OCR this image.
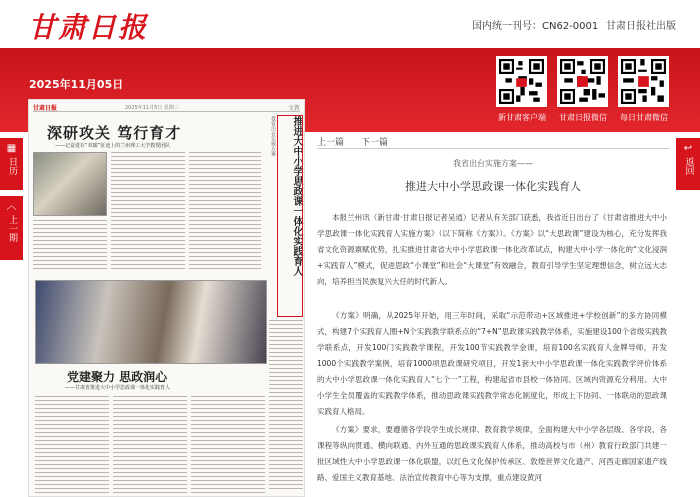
甘肃日报	国内统一刊号：CN62-0001 甘肃日报社出版
2025年11月05日
新甘肃客户端	甘肃日报微信	每日甘肃微信
▦
日历
︿
上一期
↩
返回
甘肃日报	2025年11月5日 星期三	文教
深研攻关 笃行育才
——记奋进在“双碳”征途上的兰州理工大学教授团队	我省出台实施方案	推进大中小学思政课一体化实践育人
党建聚力 思政润心
——甘肃省推进大中小学思政课一体化实践育人
上一篇 下一篇
我省出台实施方案——
推进大中小学思政课一体化实践育人

本报兰州讯（新甘肃·甘肃日报记者吴逍）记者从有关部门获悉，我省近日出台了《甘肃省推进大中小学思政课一体化实践育人实施方案》（以下简称《方案》）。《方案》以“大思政课”建设为核心，充分发挥我省文化资源禀赋优势，扎实推进甘肃省大中小学思政课一体化改革试点，构建大中小学一体化的“文化浸润+实践育人”模式，促进思政“小课堂”和社会“大课堂”有效融合，教育引导学生坚定理想信念，树立远大志向，培养担当民族复兴大任的时代新人。

《方案》明确，从2025年开始，用三年时间，采取“示范带动+区域推进+学校创新”的多方协同模式，构建7个实践育人圈+N个实践教学联系点的“7+N”思政课实践教学体系，实施建设100个省级实践教学联系点，开发100门实践教学课程，开发100节实践教学金课，培育100名实践育人金牌导师，开发1000个实践教学案例，培育1000项思政课研究项目，开发1套大中小学思政课一体化实践教学评价体系的大中小学思政课一体化实践育人“七个一”工程，构建起省市县校一体协同、区域内资源充分利用、大中小学生全员覆盖的实践教学体系，推动思政课实践教学常态化制度化，形成上下协同、一体联动的思政课实践育人格局。

《方案》要求，要遵循各学段学生成长规律、教育教学规律，全面构建大中小学各层级、各学段、各课程等纵向贯通、横向联通、内外互通的思政课实践育人体系，推动高校与市（州）教育行政部门共建一批区域性大中小学思政课一体化联盟，以红色文化保护传承区、敦煌世界文化遗产、河西走廊国家遗产线路、爱国主义教育基地、法治宣传教育中心等为支撑，重点建设黄河
